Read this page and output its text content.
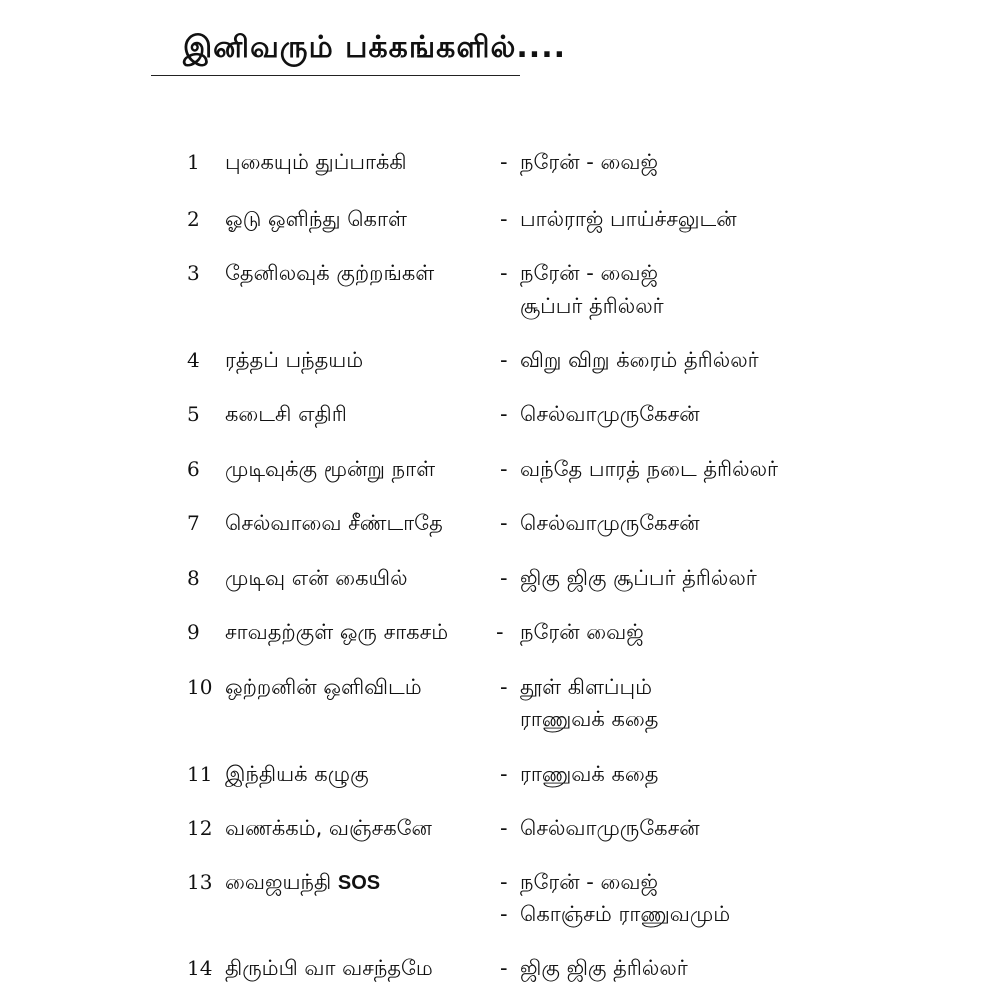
இனிவரும் பக்கங்களில்....
1 புகையும் துப்பாக்கி	- நரேன் - வைஜ்
2 ஓடு ஒளிந்து கொள்	- பால்ராஜ் பாய்ச்சலுடன்
3 தேனிலவுக் குற்றங்கள்	- நரேன் - வைஜ்
சூப்பர் த்ரில்லர்
4 ரத்தப் பந்தயம்	- விறு விறு க்ரைம் த்ரில்லர்
5 கடைசி எதிரி	- செல்வாமுருகேசன்
6 முடிவுக்கு மூன்று நாள்	- வந்தே பாரத் நடை த்ரில்லர்
7 செல்வாவை சீண்டாதே	- செல்வாமுருகேசன்
8 முடிவு என் கையில்	- ஜிகு ஜிகு சூப்பர் த்ரில்லர்
9 சாவதற்குள் ஒரு சாகசம் - நரேன் வைஜ்
10 ஒற்றனின் ஒளிவிடம்	- தூள் கிளப்பும்
ராணுவக் கதை
11 இந்தியக் கழுகு	- ராணுவக் கதை
12 வணக்கம், வஞ்சகனே	- செல்வாமுருகேசன்
13 வைஜயந்தி SOS	- நரேன் - வைஜ்
- கொஞ்சம் ராணுவமும்
14 திரும்பி வா வசந்தமே	- ஜிகு ஜிகு த்ரில்லர்
